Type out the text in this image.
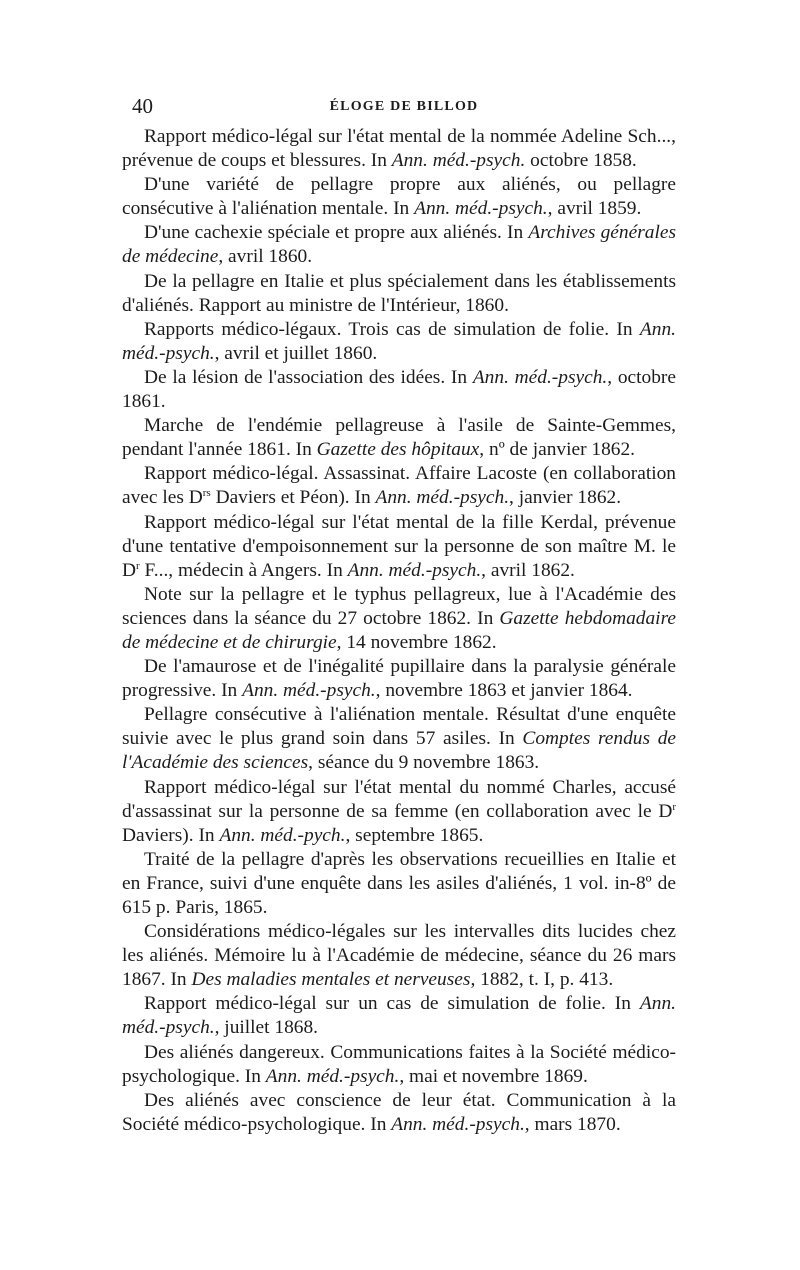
40	ÉLOGE DE BILLOD

Rapport médico-légal sur l'état mental de la nommée Adeline Sch..., prévenue de coups et blessures. In Ann. méd.-psych. octobre 1858.

D'une variété de pellagre propre aux aliénés, ou pellagre consécutive à l'aliénation mentale. In Ann. méd.-psych., avril 1859.

D'une cachexie spéciale et propre aux aliénés. In Archives générales de médecine, avril 1860.

De la pellagre en Italie et plus spécialement dans les établissements d'aliénés. Rapport au ministre de l'Intérieur, 1860.

Rapports médico-légaux. Trois cas de simulation de folie. In Ann. méd.-psych., avril et juillet 1860.

De la lésion de l'association des idées. In Ann. méd.-psych., octobre 1861.

Marche de l'endémie pellagreuse à l'asile de Sainte-Gemmes, pendant l'année 1861. In Gazette des hôpitaux, nº de janvier 1862.

Rapport médico-légal. Assassinat. Affaire Lacoste (en collaboration avec les $D^{rs}$ Daviers et Péon). In Ann. méd.-psych., janvier 1862.

Rapport médico-légal sur l'état mental de la fille Kerdal, prévenue d'une tentative d'empoisonnement sur la personne de son maître M. le $D^r$ F..., médecin à Angers. In Ann. méd.-psych., avril 1862.

Note sur la pellagre et le typhus pellagreux, lue à l'Académie des sciences dans la séance du 27 octobre 1862. In Gazette hebdomadaire de médecine et de chirurgie, 14 novembre 1862.

De l'amaurose et de l'inégalité pupillaire dans la paralysie générale progressive. In Ann. méd.-psych., novembre 1863 et janvier 1864.

Pellagre consécutive à l'aliénation mentale. Résultat d'une enquête suivie avec le plus grand soin dans 57 asiles. In Comptes rendus de l'Académie des sciences, séance du 9 novembre 1863.

Rapport médico-légal sur l'état mental du nommé Charles, accusé d'assassinat sur la personne de sa femme (en collaboration avec le $D^r$ Daviers). In Ann. méd.-pych., septembre 1865.

Traité de la pellagre d'après les observations recueillies en Italie et en France, suivi d'une enquête dans les asiles d'aliénés, 1 vol. in-8º de 615 p. Paris, 1865.

Considérations médico-légales sur les intervalles dits lucides chez les aliénés. Mémoire lu à l'Académie de médecine, séance du 26 mars 1867. In Des maladies mentales et nerveuses, 1882, t. I, p. 413.

Rapport médico-légal sur un cas de simulation de folie. In Ann. méd.-psych., juillet 1868.

Des aliénés dangereux. Communications faites à la Société médico-psychologique. In Ann. méd.-psych., mai et novembre 1869.

Des aliénés avec conscience de leur état. Communication à la Société médico-psychologique. In Ann. méd.-psych., mars 1870.
